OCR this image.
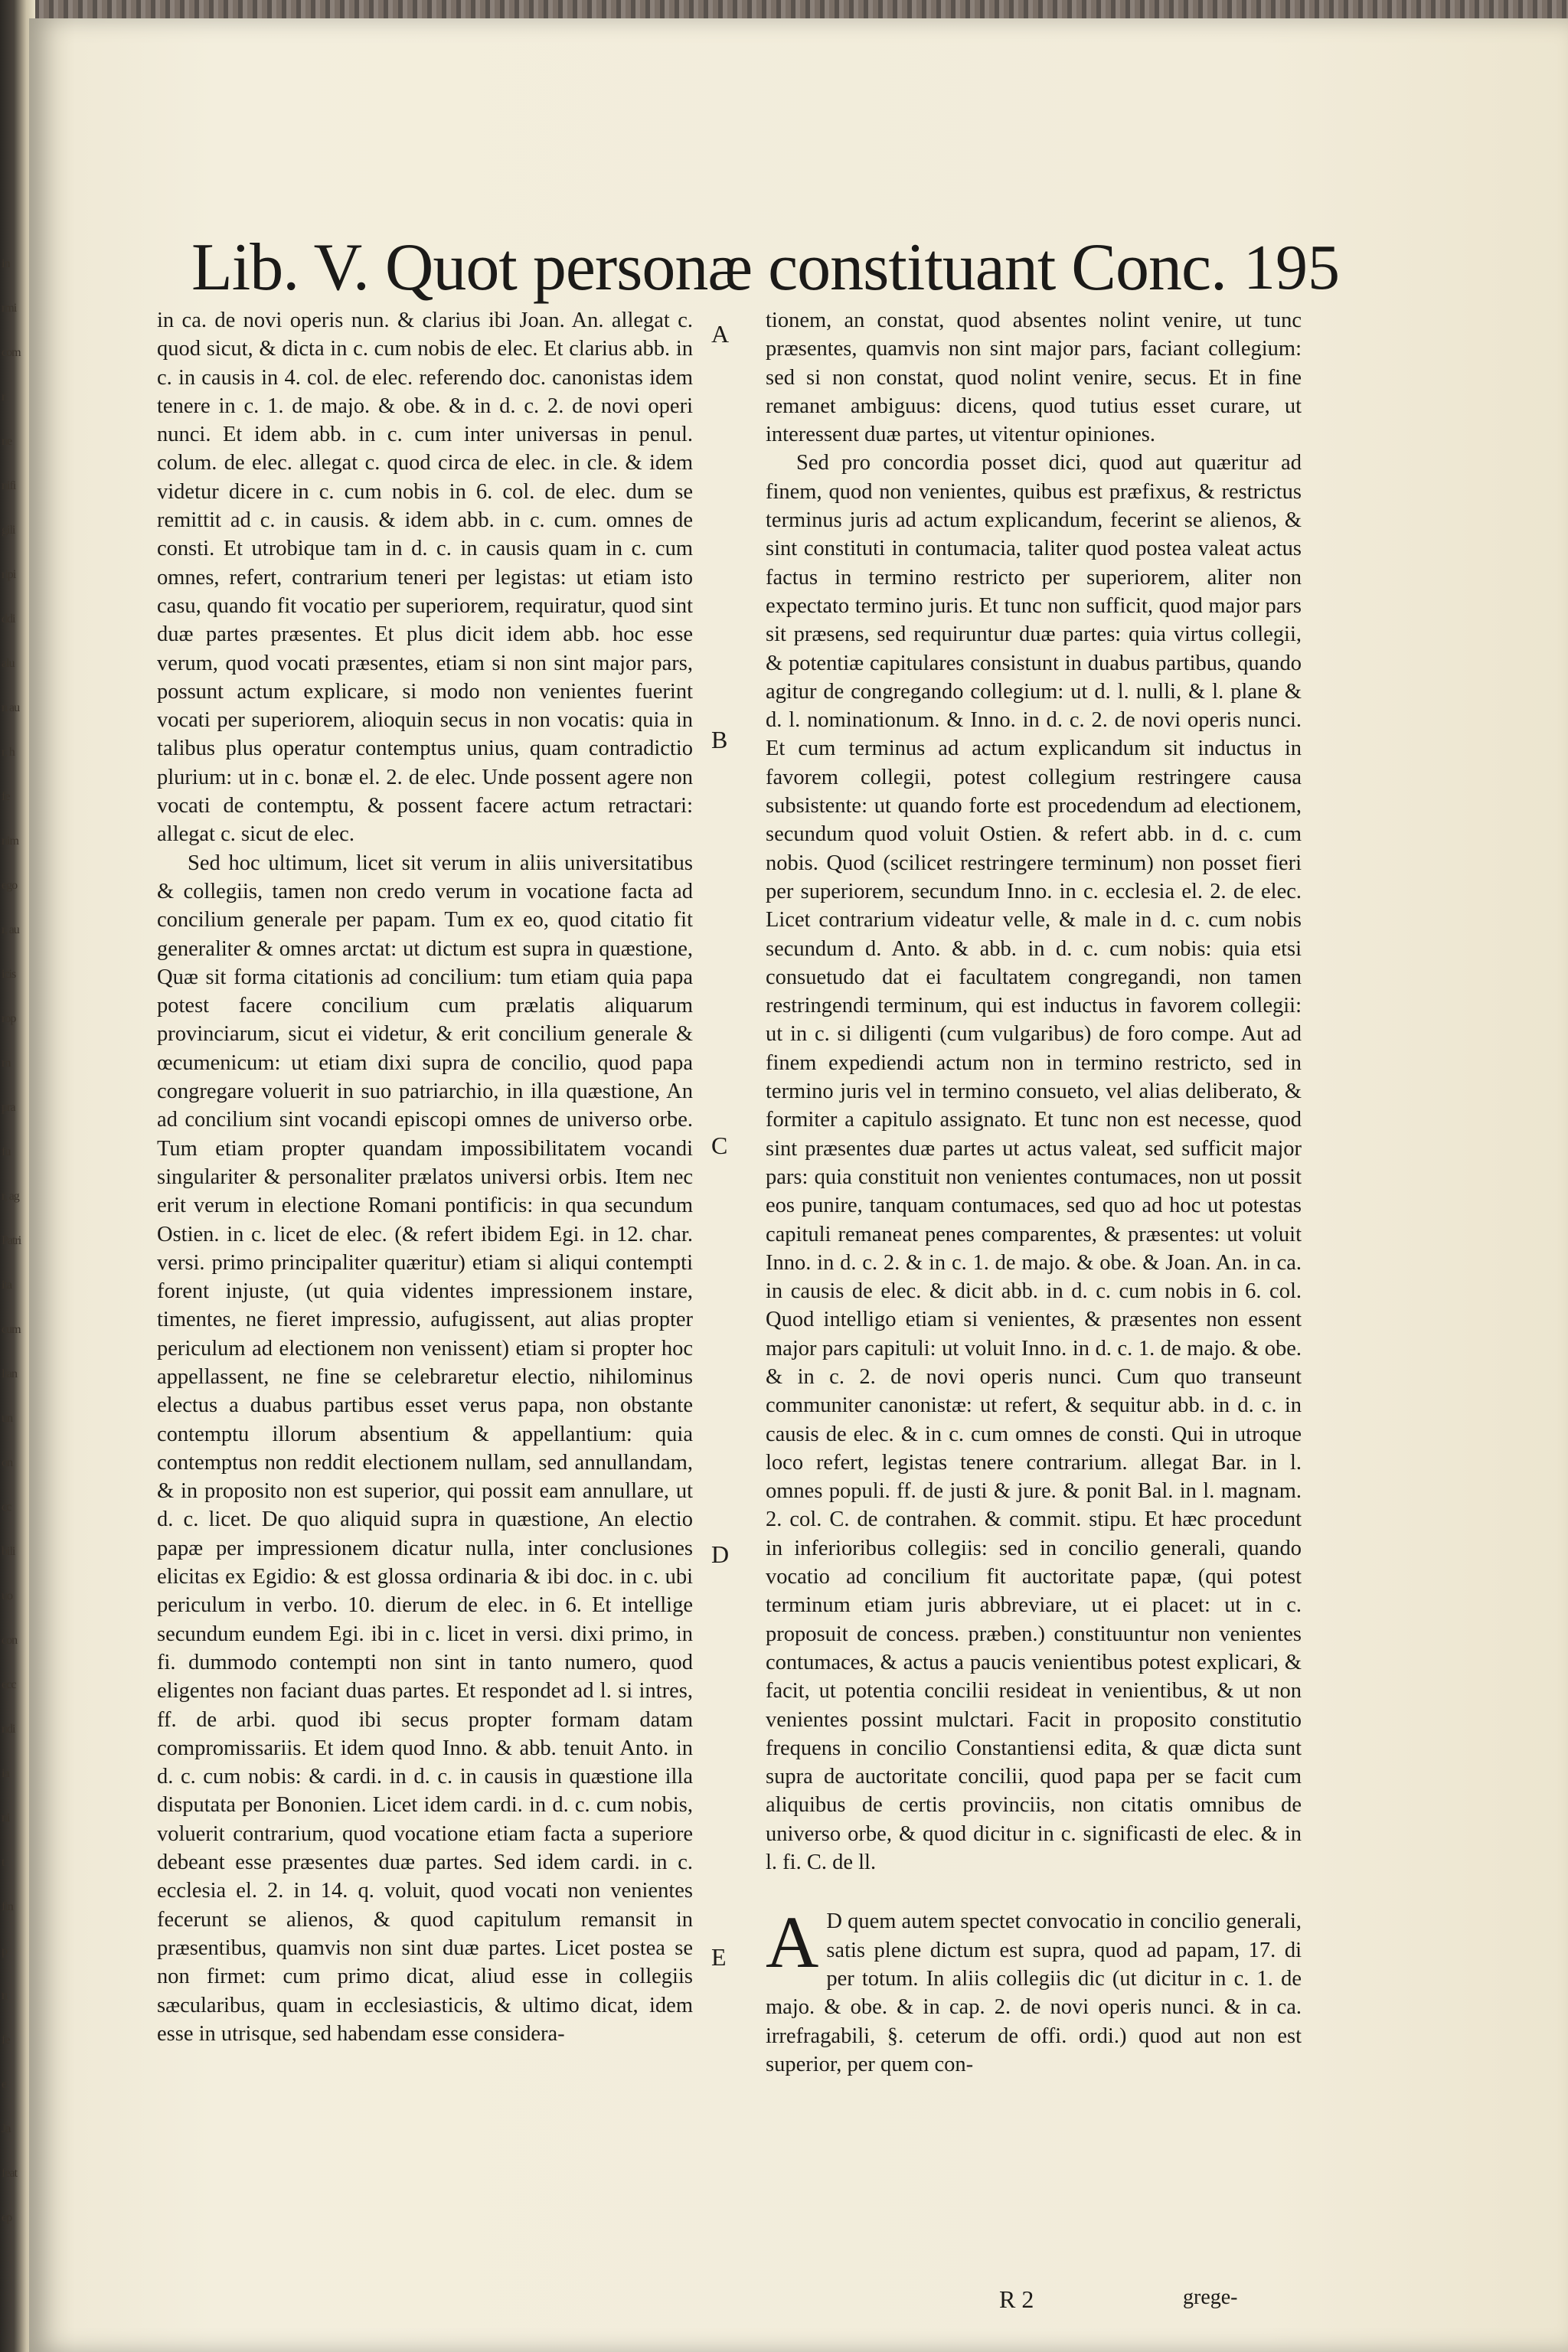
in
rmi
com
r
ne
nifi
gili
ripi
ddi
alu
n au
r, h
fe
nim
ego
r, au
icis
rop
m
pra
fu
r, ag
Patri
ita
cum
lian
un
on
cc
bili
uo
con
ecc
ndi
ia
ni
t
fin
p
n
fe
e
Ja
feat
ep
Lib. V. Quot personæ constituant Conc. 195

in ca. de novi operis nun. & clarius ibi Joan. An. allegat c. quod sicut, & dicta in c. cum nobis de elec. Et clarius abb. in c. in causis in 4. col. de elec. referendo doc. canonistas idem tenere in c. 1. de majo. & obe. & in d. c. 2. de novi operi nunci. Et idem abb. in c. cum inter universas in penul. colum. de elec. allegat c. quod circa de elec. in cle. & idem videtur dicere in c. cum nobis in 6. col. de elec. dum se remittit ad c. in causis. & idem abb. in c. cum. omnes de consti. Et utrobique tam in d. c. in causis quam in c. cum omnes, refert, contrarium teneri per legistas: ut etiam isto casu, quando fit vocatio per superiorem, requiratur, quod sint duæ partes præsentes. Et plus dicit idem abb. hoc esse verum, quod vocati præsentes, etiam si non sint major pars, possunt actum explicare, si modo non venientes fuerint vocati per superiorem, alioquin secus in non vocatis: quia in talibus plus operatur contemptus unius, quam contradictio plurium: ut in c. bonæ el. 2. de elec. Unde possent agere non vocati de contemptu, & possent facere actum retractari: allegat c. sicut de elec.

Sed hoc ultimum, licet sit verum in aliis universitatibus & collegiis, tamen non credo verum in vocatione facta ad concilium generale per papam. Tum ex eo, quod citatio fit generaliter & omnes arctat: ut dictum est supra in quæstione, Quæ sit forma citationis ad concilium: tum etiam quia papa potest facere concilium cum prælatis aliquarum provinciarum, sicut ei videtur, & erit concilium generale & œcumenicum: ut etiam dixi supra de concilio, quod papa congregare voluerit in suo patriarchio, in illa quæstione, An ad concilium sint vocandi episcopi omnes de universo orbe. Tum etiam propter quandam impossibilitatem vocandi singulariter & personaliter prælatos universi orbis. Item nec erit verum in electione Romani pontificis: in qua secundum Ostien. in c. licet de elec. (& refert ibidem Egi. in 12. char. versi. primo principaliter quæritur) etiam si aliqui contempti forent injuste, (ut quia videntes impressionem instare, timentes, ne fieret impressio, aufugissent, aut alias propter periculum ad electionem non venissent) etiam si propter hoc appellassent, ne fine se celebraretur electio, nihilominus electus a duabus partibus esset verus papa, non obstante contemptu illorum absentium & appellantium: quia contemptus non reddit electionem nullam, sed annullandam, & in proposito non est superior, qui possit eam annullare, ut d. c. licet. De quo aliquid supra in quæstione, An electio papæ per impressionem dicatur nulla, inter conclusiones elicitas ex Egidio: & est glossa ordinaria & ibi doc. in c. ubi periculum in verbo. 10. dierum de elec. in 6. Et intellige secundum eundem Egi. ibi in c. licet in versi. dixi primo, in fi. dummodo contempti non sint in tanto numero, quod eligentes non faciant duas partes. Et respondet ad l. si intres, ff. de arbi. quod ibi secus propter formam datam compromissariis. Et idem quod Inno. & abb. tenuit Anto. in d. c. cum nobis: & cardi. in d. c. in causis in quæstione illa disputata per Bononien. Licet idem cardi. in d. c. cum nobis, voluerit contrarium, quod vocatione etiam facta a superiore debeant esse præsentes duæ partes. Sed idem cardi. in c. ecclesia el. 2. in 14. q. voluit, quod vocati non venientes fecerunt se alienos, & quod capitulum remansit in præsentibus, quamvis non sint duæ partes. Licet postea se non firmet: cum primo dicat, aliud esse in collegiis sæcularibus, quam in ecclesiasticis, & ultimo dicat, idem esse in utrisque, sed habendam esse considera-

tionem, an constat, quod absentes nolint venire, ut tunc præsentes, quamvis non sint major pars, faciant collegium: sed si non constat, quod nolint venire, secus. Et in fine remanet ambiguus: dicens, quod tutius esset curare, ut interessent duæ partes, ut vitentur opiniones.

Sed pro concordia posset dici, quod aut quæritur ad finem, quod non venientes, quibus est præfixus, & restrictus terminus juris ad actum explicandum, fecerint se alienos, & sint constituti in contumacia, taliter quod postea valeat actus factus in termino restricto per superiorem, aliter non expectato termino juris. Et tunc non sufficit, quod major pars sit præsens, sed requiruntur duæ partes: quia virtus collegii, & potentiæ capitulares consistunt in duabus partibus, quando agitur de congregando collegium: ut d. l. nulli, & l. plane & d. l. nominationum. & Inno. in d. c. 2. de novi operis nunci. Et cum terminus ad actum explicandum sit inductus in favorem collegii, potest collegium restringere causa subsistente: ut quando forte est procedendum ad electionem, secundum quod voluit Ostien. & refert abb. in d. c. cum nobis. Quod (scilicet restringere terminum) non posset fieri per superiorem, secundum Inno. in c. ecclesia el. 2. de elec. Licet contrarium videatur velle, & male in d. c. cum nobis secundum d. Anto. & abb. in d. c. cum nobis: quia etsi consuetudo dat ei facultatem congregandi, non tamen restringendi terminum, qui est inductus in favorem collegii: ut in c. si diligenti (cum vulgaribus) de foro compe. Aut ad finem expediendi actum non in termino restricto, sed in termino juris vel in termino consueto, vel alias deliberato, & formiter a capitulo assignato. Et tunc non est necesse, quod sint præsentes duæ partes ut actus valeat, sed sufficit major pars: quia constituit non venientes contumaces, non ut possit eos punire, tanquam contumaces, sed quo ad hoc ut potestas capituli remaneat penes comparentes, & præsentes: ut voluit Inno. in d. c. 2. & in c. 1. de majo. & obe. & Joan. An. in ca. in causis de elec. & dicit abb. in d. c. cum nobis in 6. col. Quod intelligo etiam si venientes, & præsentes non essent major pars capituli: ut voluit Inno. in d. c. 1. de majo. & obe. & in c. 2. de novi operis nunci. Cum quo transeunt communiter canonistæ: ut refert, & sequitur abb. in d. c. in causis de elec. & in c. cum omnes de consti. Qui in utroque loco refert, legistas tenere contrarium. allegat Bar. in l. omnes populi. ff. de justi & jure. & ponit Bal. in l. magnam. 2. col. C. de contrahen. & commit. stipu. Et hæc procedunt in inferioribus collegiis: sed in concilio generali, quando vocatio ad concilium fit auctoritate papæ, (qui potest terminum etiam juris abbreviare, ut ei placet: ut in c. proposuit de concess. præben.) constituuntur non venientes contumaces, & actus a paucis venientibus potest explicari, & facit, ut potentia concilii resideat in venientibus, & ut non venientes possint mulctari. Facit in proposito constitutio frequens in concilio Constantiensi edita, & quæ dicta sunt supra de auctoritate concilii, quod papa per se facit cum aliquibus de certis provinciis, non citatis omnibus de universo orbe, & quod dicitur in c. significasti de elec. & in l. fi. C. de ll.

A D quem autem spectet convocatio in concilio generali, satis plene dictum est supra, quod ad papam, 17. di per totum. In aliis collegiis dic (ut dicitur in c. 1. de majo. & obe. & in cap. 2. de novi operis nunci. & in ca. irrefragabili, §. ceterum de offi. ordi.) quod aut non est superior, per quem con-

A
B
C
D
E
R 2	grege-
